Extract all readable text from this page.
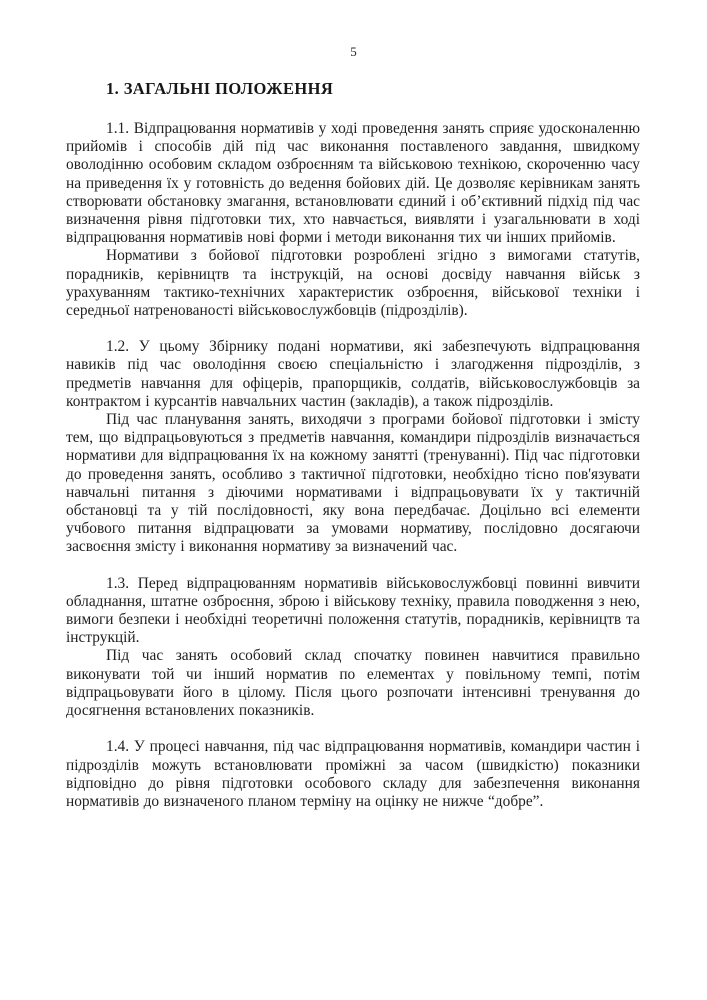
5
1. ЗАГАЛЬНІ ПОЛОЖЕННЯ

1.1. Відпрацювання нормативів у ході проведення занять сприяє удосконаленню прийомів і способів дій під час виконання поставленого завдання, швидкому оволодінню особовим складом озброєнням та військовою технікою, скороченню часу на приведення їх у готовність до ведення бойових дій. Це дозволяє керівникам занять створювати обстановку змагання, встановлювати єдиний і об’єктивний підхід під час визначення рівня підготовки тих, хто навчається, виявляти і узагальнювати в ході відпрацювання нормативів нові форми і методи виконання тих чи інших прийомів.

Нормативи з бойової підготовки розроблені згідно з вимогами статутів, порадників, керівництв та інструкцій, на основі досвіду навчання військ з урахуванням тактико-технічних характеристик озброєння, військової техніки і середньої натренованості військовослужбовців (підрозділів).

1.2. У цьому Збірнику подані нормативи, які забезпечують відпрацювання навиків під час оволодіння своєю спеціальністю і злагодження підрозділів, з предметів навчання для офіцерів, прапорщиків, солдатів, військовослужбовців за контрактом і курсантів навчальних частин (закладів), а також підрозділів.

Під час планування занять, виходячи з програми бойової підготовки і змісту тем, що відпрацьовуються з предметів навчання, командири підрозділів визначається нормативи для відпрацювання їх на кожному занятті (тренуванні). Під час підготовки до проведення занять, особливо з тактичної підготовки, необхідно тісно пов'язувати навчальні питання з діючими нормативами і відпрацьовувати їх у тактичній обстановці та у тій послідовності, яку вона передбачає. Доцільно всі елементи учбового питання відпрацювати за умовами нормативу, послідовно досягаючи засвоєння змісту і виконання нормативу за визначений час.

1.3. Перед відпрацюванням нормативів військовослужбовці повинні вивчити обладнання, штатне озброєння, зброю і військову техніку, правила поводження з нею, вимоги безпеки і необхідні теоретичні положення статутів, порадників, керівництв та інструкцій.

Під час занять особовий склад спочатку повинен навчитися правильно виконувати той чи інший норматив по елементах у повільному темпі, потім відпрацьовувати його в цілому. Після цього розпочати інтенсивні тренування до досягнення встановлених показників.

1.4. У процесі навчання, під час відпрацювання нормативів, командири частин і підрозділів можуть встановлювати проміжні за часом (швидкістю) показники відповідно до рівня підготовки особового складу для забезпечення виконання нормативів до визначеного планом терміну на оцінку не нижче “добре”.
